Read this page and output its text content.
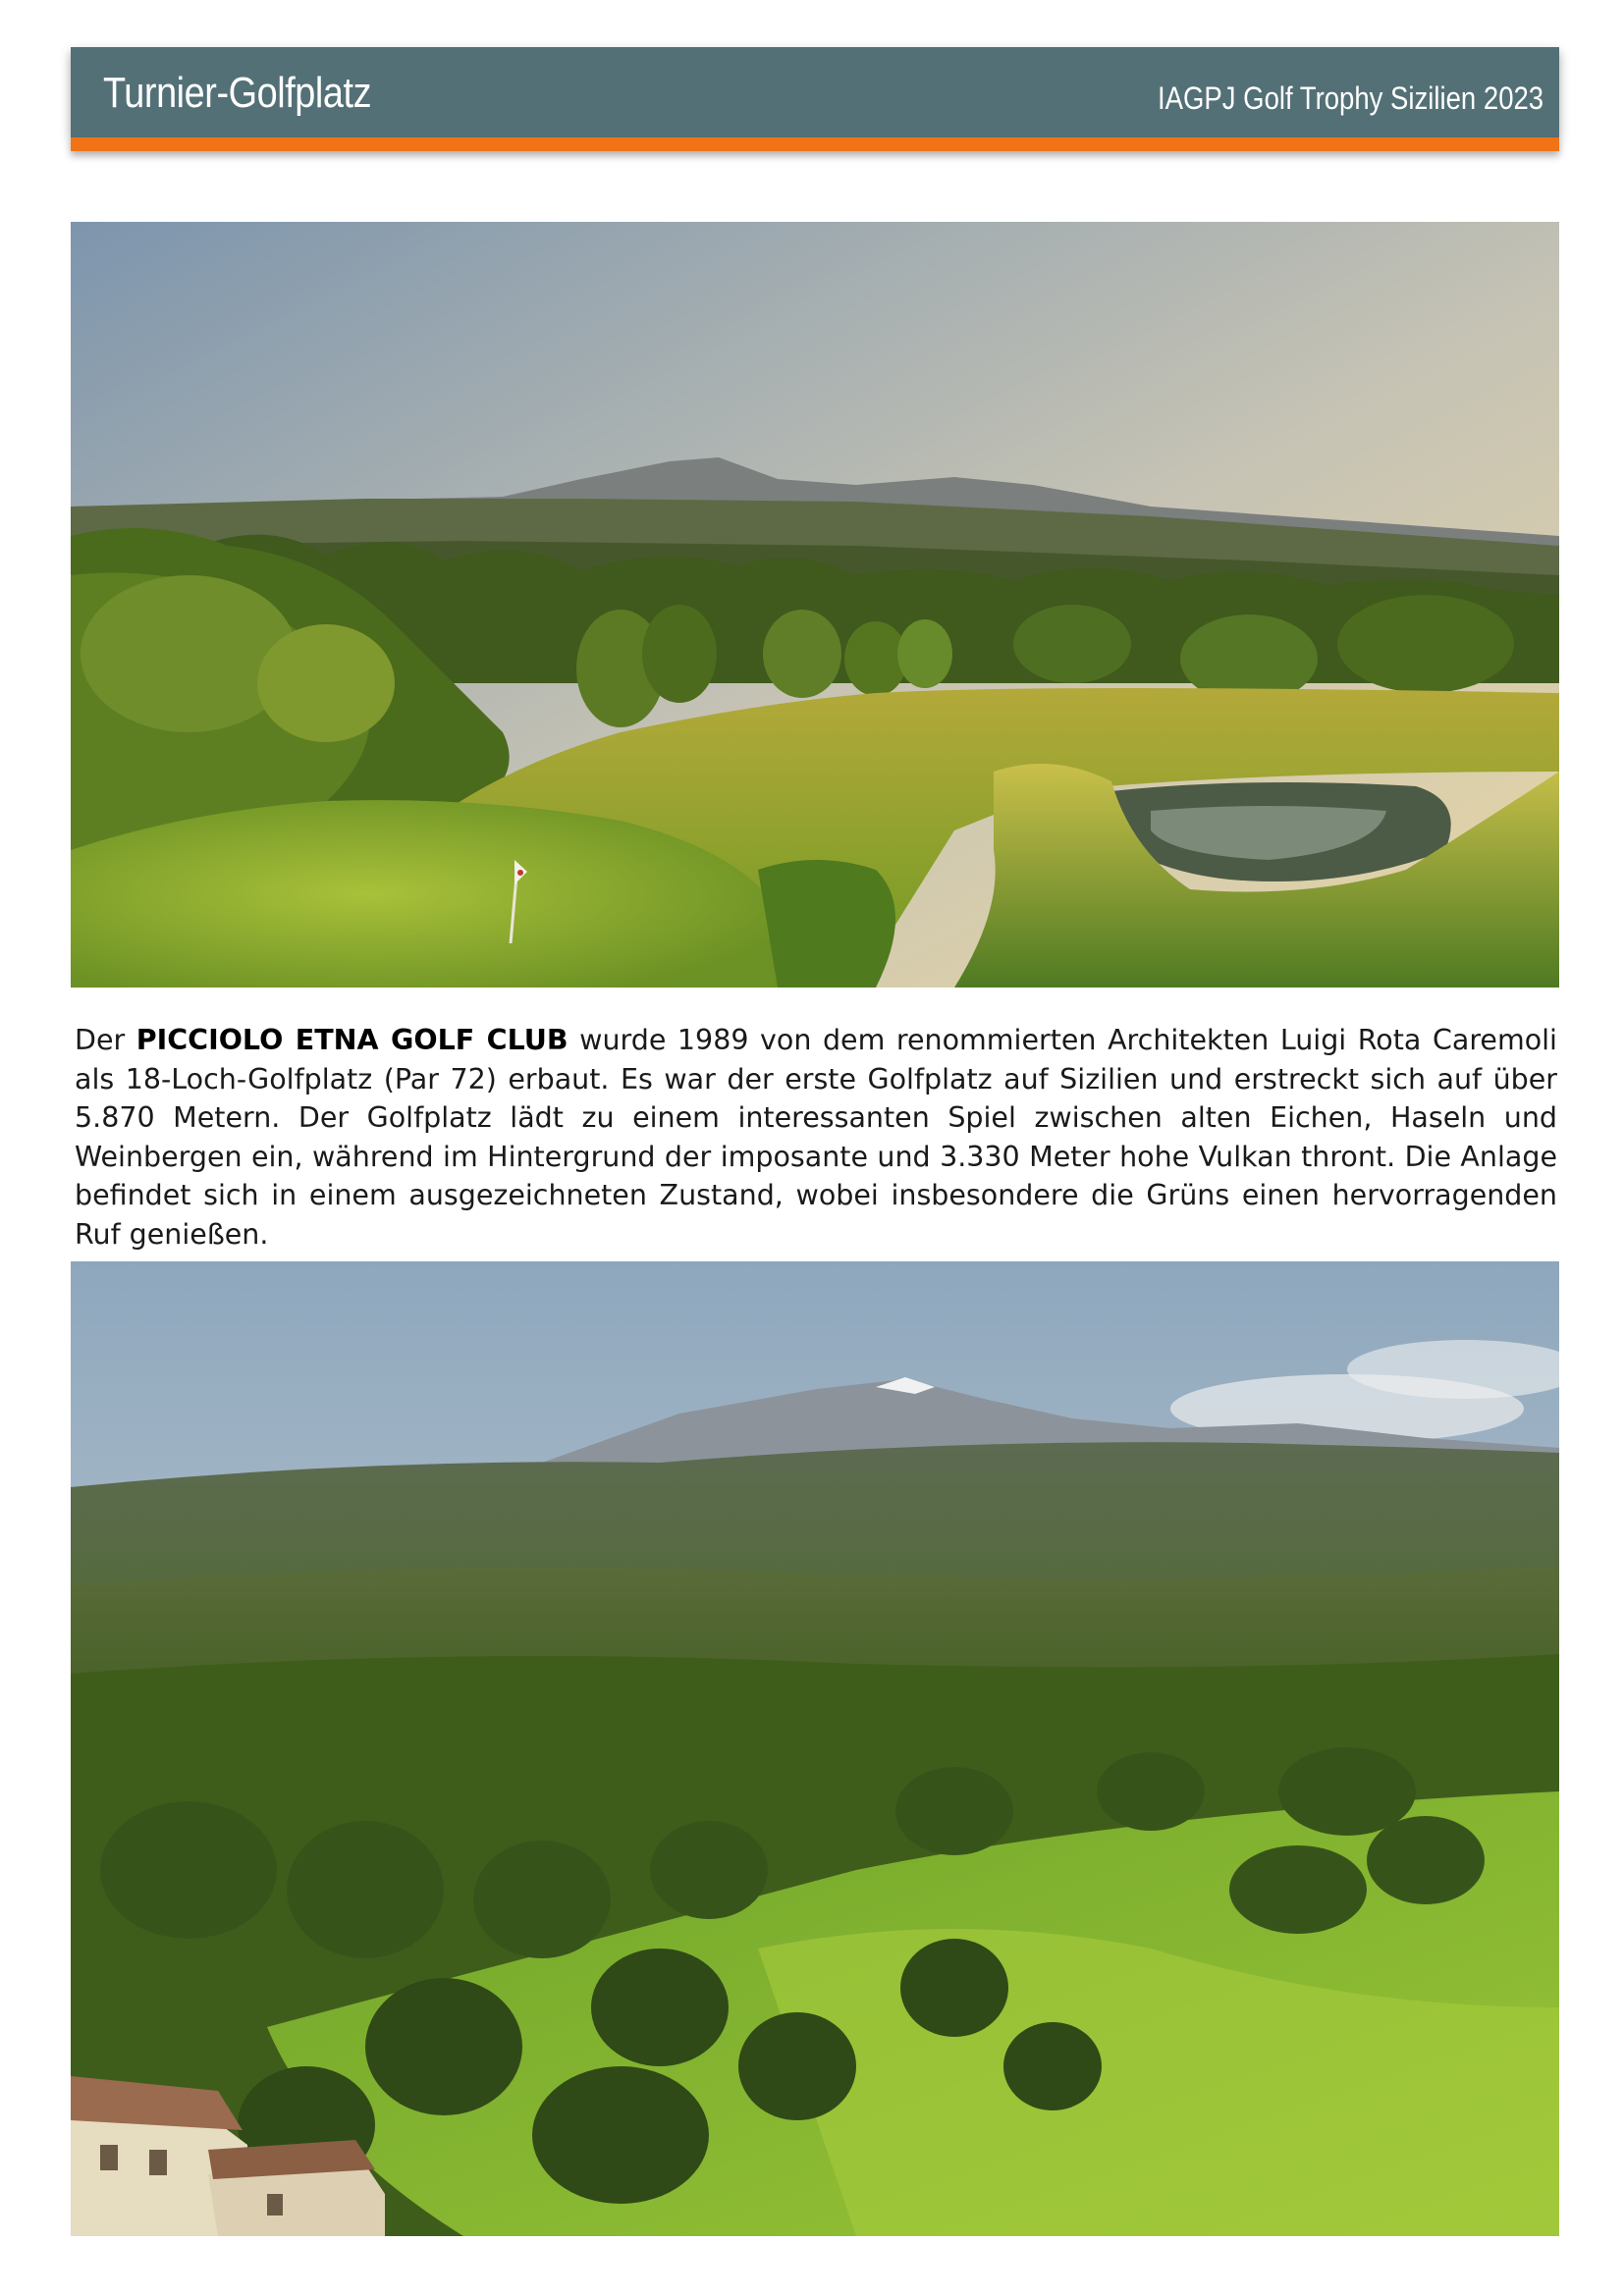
Turnier-Golfplatz	IAGPJ Golf Trophy Sizilien 2023

Der PICCIOLO ETNA GOLF CLUB wurde 1989 von dem renommierten Architekten Luigi Rota Caremoli als 18-Loch-Golfplatz (Par 72) erbaut. Es war der erste Golfplatz auf Sizilien und erstreckt sich auf über 5.870 Metern. Der Golfplatz lädt zu einem interessanten Spiel zwischen alten Eichen, Haseln und Weinbergen ein, während im Hintergrund der imposante und 3.330 Meter hohe Vulkan thront. Die Anlage befindet sich in einem ausgezeichneten Zustand, wobei insbesondere die Grüns einen hervorragenden Ruf genießen.
